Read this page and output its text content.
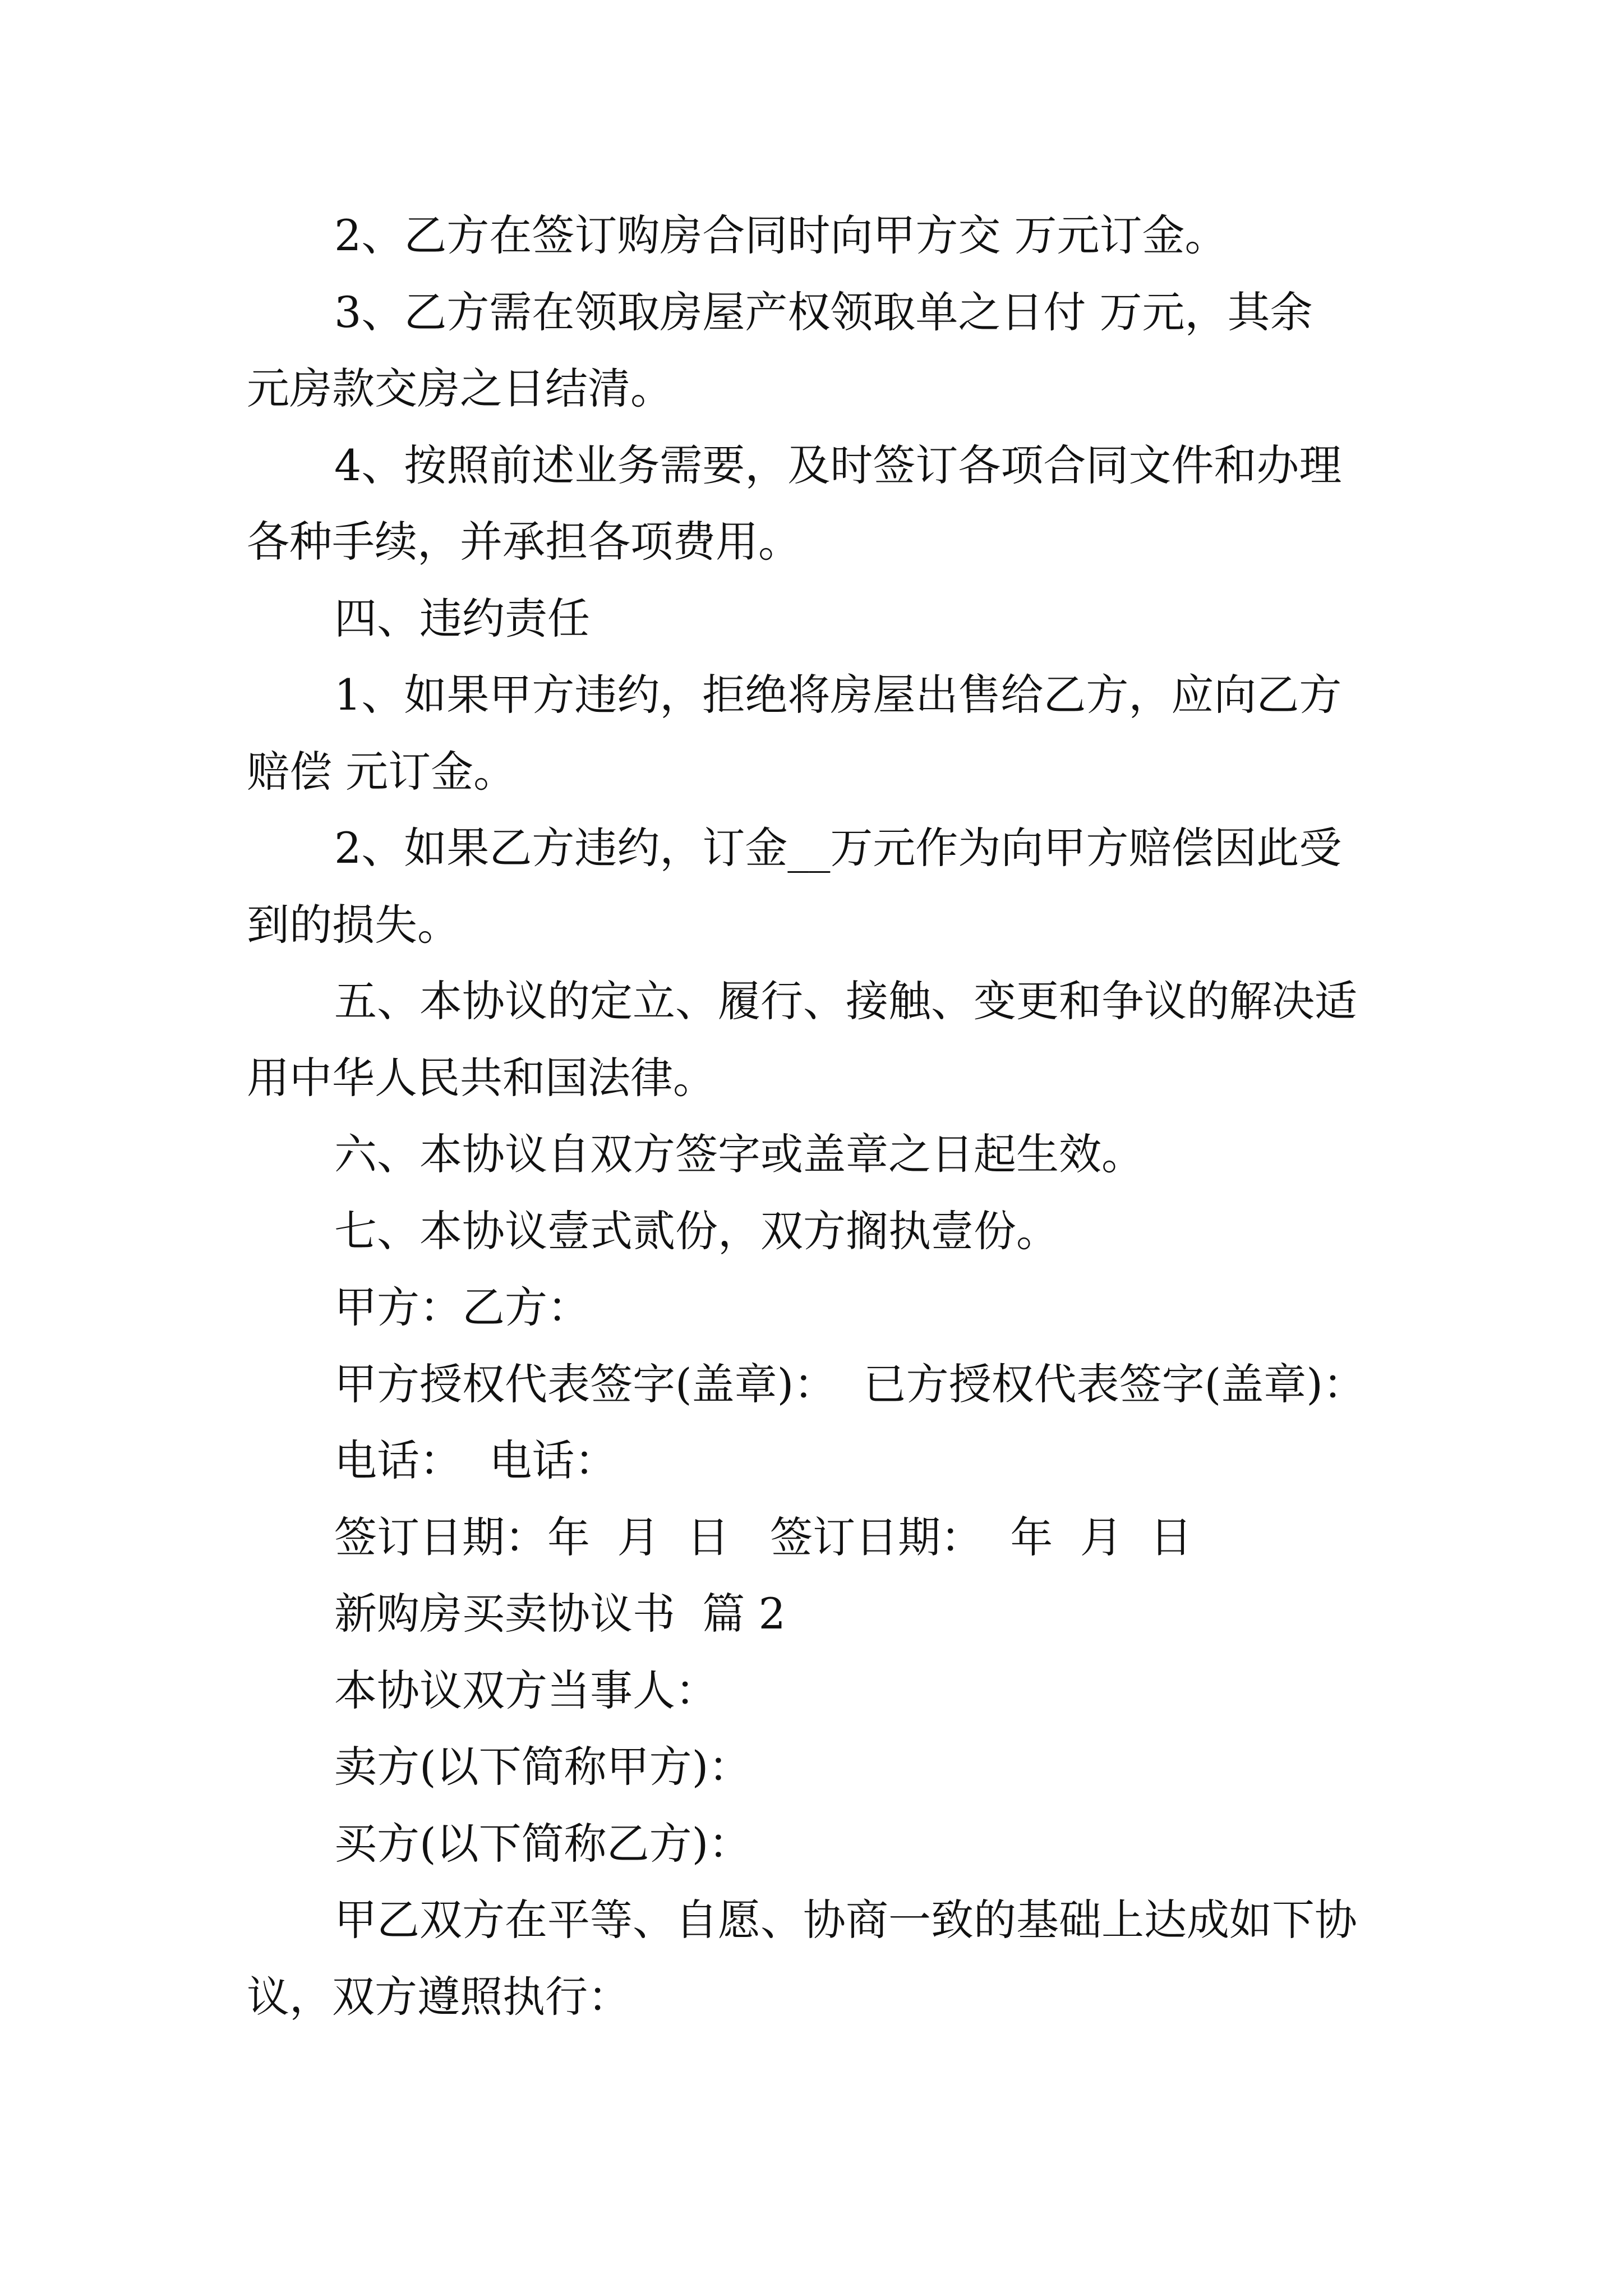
2、乙方在签订购房合同时向甲方交 万元订金。
3、乙方需在领取房屋产权领取单之日付 万元，其余
元房款交房之日结清。
4、按照前述业务需要，及时签订各项合同文件和办理
各种手续，并承担各项费用。
四、违约责任
1、如果甲方违约，拒绝将房屋出售给乙方，应向乙方
赔偿 元订金。
2、如果乙方违约，订金__万元作为向甲方赔偿因此受
到的损失。
五、本协议的定立、履行、接触、变更和争议的解决适
用中华人民共和国法律。
六、本协议自双方签字或盖章之日起生效。
七、本协议壹式贰份，双方搁执壹份。
甲方：乙方：
甲方授权代表签字(盖章)：  已方授权代表签字(盖章)：
电话：  电话：
签订日期：年  月  日   签订日期：  年  月  日
新购房买卖协议书  篇 2
本协议双方当事人：
卖方(以下简称甲方)：
买方(以下简称乙方)：
甲乙双方在平等、自愿、协商一致的基础上达成如下协
议，双方遵照执行：
